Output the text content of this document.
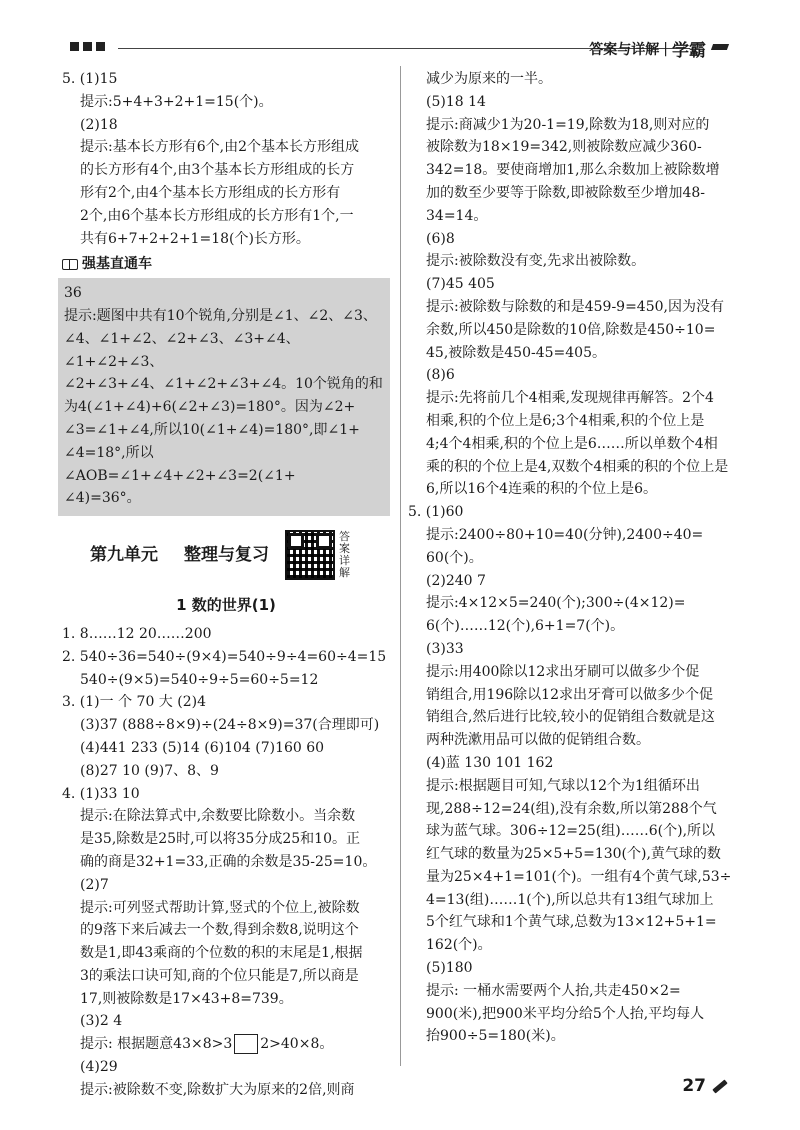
答案与详解 | 学霸

5. (1)15

提示:5+4+3+2+1=15(个)。

(2)18

提示:基本长方形有6个,由2个基本长方形组成

的长方形有4个,由3个基本长方形组成的长方

形有2个,由4个基本长方形组成的长方形有

2个,由6个基本长方形组成的长方形有1个,一

共有6+7+2+2+1=18(个)长方形。

强基直通车

36

提示:题图中共有10个锐角,分别是∠1、∠2、∠3、

∠4、∠1+∠2、∠2+∠3、∠3+∠4、∠1+∠2+∠3、

∠2+∠3+∠4、∠1+∠2+∠3+∠4。10个锐角的和

为4(∠1+∠4)+6(∠2+∠3)=180°。因为∠2+

∠3=∠1+∠4,所以10(∠1+∠4)=180°,即∠1+

∠4=18°,所以∠AOB=∠1+∠4+∠2+∠3=2(∠1+

∠4)=36°。

第九单元 整理与复习
答案详解
1 数的世界(1)

1. 8……12 20……200

2. 540÷36=540÷(9×4)=540÷9÷4=60÷4=15

540÷(9×5)=540÷9÷5=60÷5=12

3. (1)一 个 70 大 (2)4

(3)37 (888÷8×9)÷(24÷8×9)=37(合理即可)

(4)441 233 (5)14 (6)104 (7)160 60

(8)27 10 (9)7、8、9

4. (1)33 10

提示:在除法算式中,余数要比除数小。当余数

是35,除数是25时,可以将35分成25和10。正

确的商是32+1=33,正确的余数是35-25=10。

(2)7

提示:可列竖式帮助计算,竖式的个位上,被除数

的9落下来后减去一个数,得到余数8,说明这个

数是1,即43乘商的个位数的积的末尾是1,根据

3的乘法口诀可知,商的个位只能是7,所以商是

17,则被除数是17×43+8=739。

(3)2 4

提示: 根据题意43×8>3 2>40×8。

(4)29

提示:被除数不变,除数扩大为原来的2倍,则商

减少为原来的一半。

(5)18 14

提示:商减少1为20-1=19,除数为18,则对应的

被除数为18×19=342,则被除数应减少360-

342=18。要使商增加1,那么余数加上被除数增

加的数至少要等于除数,即被除数至少增加48-

34=14。

(6)8

提示:被除数没有变,先求出被除数。

(7)45 405

提示:被除数与除数的和是459-9=450,因为没有

余数,所以450是除数的10倍,除数是450÷10=

45,被除数是450-45=405。

(8)6

提示:先将前几个4相乘,发现规律再解答。2个4

相乘,积的个位上是6;3个4相乘,积的个位上是

4;4个4相乘,积的个位上是6……所以单数个4相

乘的积的个位上是4,双数个4相乘的积的个位上是

6,所以16个4连乘的积的个位上是6。

5. (1)60

提示:2400÷80+10=40(分钟),2400÷40=

60(个)。

(2)240 7

提示:4×12×5=240(个);300÷(4×12)=

6(个)……12(个),6+1=7(个)。

(3)33

提示:用400除以12求出牙刷可以做多少个促

销组合,用196除以12求出牙膏可以做多少个促

销组合,然后进行比较,较小的促销组合数就是这

两种洗漱用品可以做的促销组合数。

(4)蓝 130 101 162

提示:根据题目可知,气球以12个为1组循环出

现,288÷12=24(组),没有余数,所以第288个气

球为蓝气球。306÷12=25(组)……6(个),所以

红气球的数量为25×5+5=130(个),黄气球的数

量为25×4+1=101(个)。一组有4个黄气球,53÷

4=13(组)……1(个),所以总共有13组气球加上

5个红气球和1个黄气球,总数为13×12+5+1=

162(个)。

(5)180

提示: 一桶水需要两个人抬,共走450×2=

900(米),把900米平均分给5个人抬,平均每人

抬900÷5=180(米)。

27
